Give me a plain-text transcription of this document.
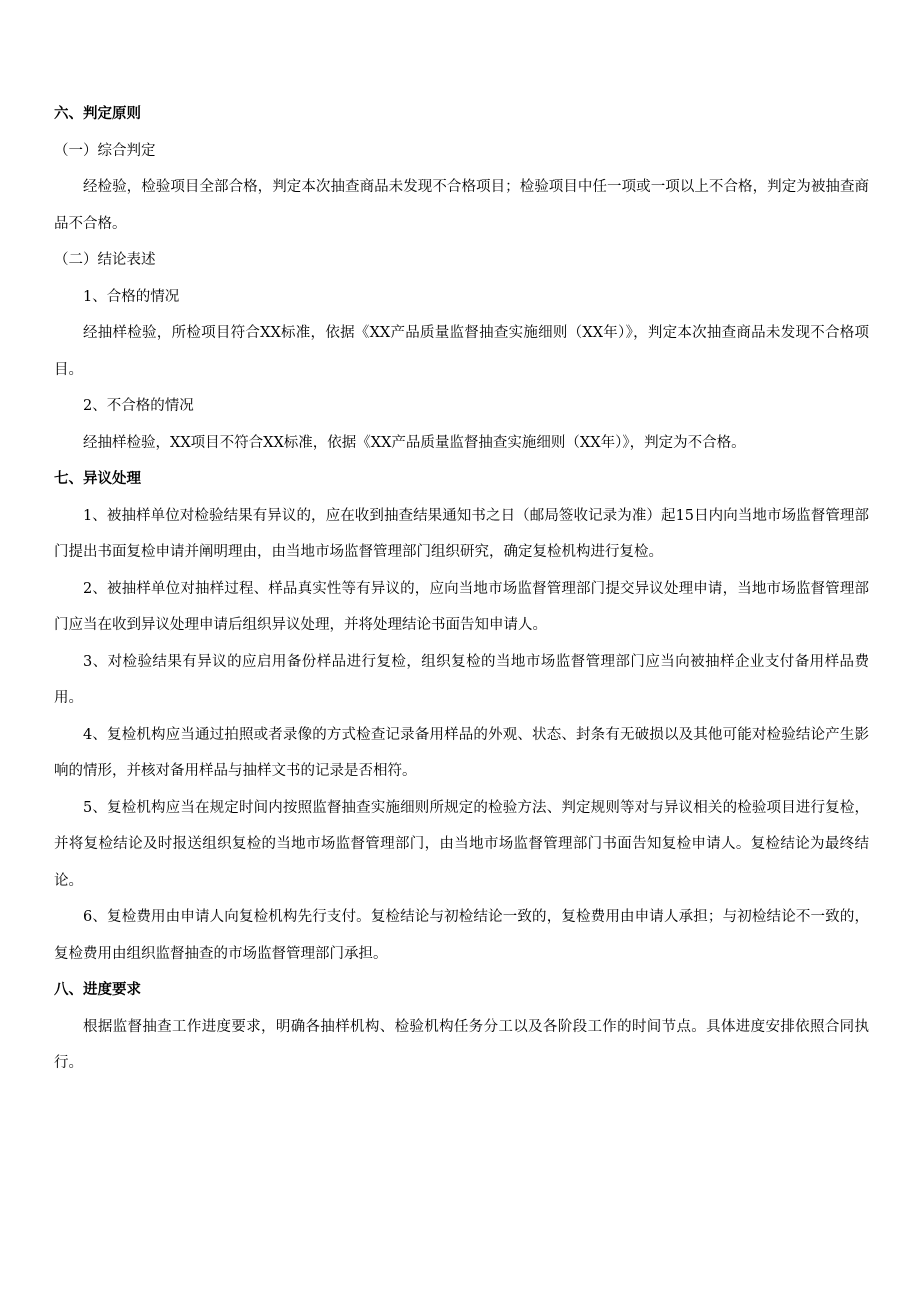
六、判定原则

（一）综合判定

经检验，检验项目全部合格，判定本次抽查商品未发现不合格项目；检验项目中任一项或一项以上不合格，判定为被抽查商品不合格。

（二）结论表述

1、合格的情况

经抽样检验，所检项目符合XX标准，依据《XX产品质量监督抽查实施细则（XX年）》，判定本次抽查商品未发现不合格项目。

2、不合格的情况

经抽样检验，XX项目不符合XX标准，依据《XX产品质量监督抽查实施细则（XX年）》，判定为不合格。

七、异议处理

1、被抽样单位对检验结果有异议的，应在收到抽查结果通知书之日（邮局签收记录为准）起15日内向当地市场监督管理部门提出书面复检申请并阐明理由，由当地市场监督管理部门组织研究，确定复检机构进行复检。

2、被抽样单位对抽样过程、样品真实性等有异议的，应向当地市场监督管理部门提交异议处理申请，当地市场监督管理部门应当在收到异议处理申请后组织异议处理，并将处理结论书面告知申请人。

3、对检验结果有异议的应启用备份样品进行复检，组织复检的当地市场监督管理部门应当向被抽样企业支付备用样品费用。

4、复检机构应当通过拍照或者录像的方式检查记录备用样品的外观、状态、封条有无破损以及其他可能对检验结论产生影响的情形，并核对备用样品与抽样文书的记录是否相符。

5、复检机构应当在规定时间内按照监督抽查实施细则所规定的检验方法、判定规则等对与异议相关的检验项目进行复检，并将复检结论及时报送组织复检的当地市场监督管理部门，由当地市场监督管理部门书面告知复检申请人。复检结论为最终结论。

6、复检费用由申请人向复检机构先行支付。复检结论与初检结论一致的，复检费用由申请人承担；与初检结论不一致的，复检费用由组织监督抽查的市场监督管理部门承担。

八、进度要求

根据监督抽查工作进度要求，明确各抽样机构、检验机构任务分工以及各阶段工作的时间节点。具体进度安排依照合同执行。
